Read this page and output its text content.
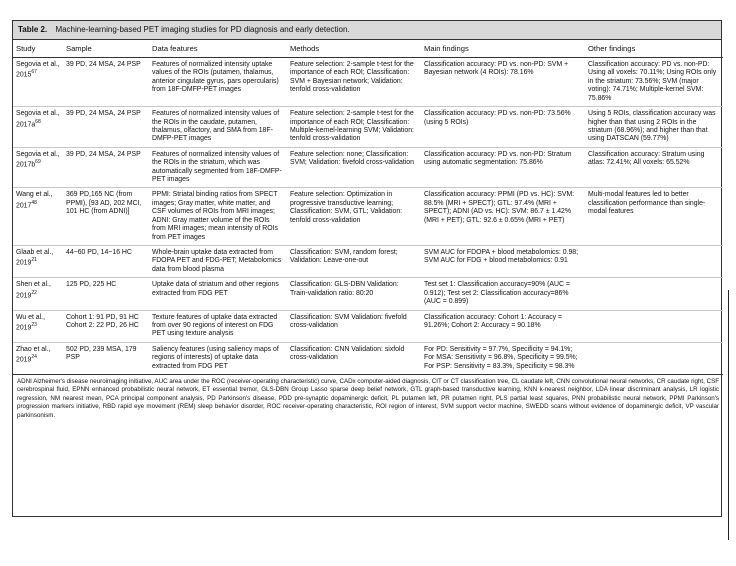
Table 2. Machine-learning-based PET imaging studies for PD diagnosis and early detection.
Study	Sample	Data features	Methods	Main findings	Other findings
Segovia et al., 2015$^{67}$	39 PD, 24 MSA, 24 PSP	Features of normalized intensity uptake values of the ROIs (putamen, thalamus, anterior cingulate gyrus, pars opercularis) from 18F-DMFP-PET images	Feature selection: 2-sample t-test for the importance of each ROI; Classification: SVM + Bayesian network; Validation: tenfold cross-validation	Classification accuracy: PD vs. non-PD: SVM + Bayesian network (4 ROIs): 78.16%	Classification accuracy: PD vs. non-PD: Using all voxels: 70.11%; Using ROIs only in the striatum: 73.56%; SVM (major voting): 74.71%; Multiple-kernel SVM: 75.86%
Segovia et al., $2017a^{68}$	39 PD, 24 MSA, 24 PSP	Features of normalized intensity values of the ROIs in the caudate, putamen, thalamus, olfactory, and SMA from 18F-DMFP-PET images	Feature selection: 2-sample t-test for the importance of each ROI; Classification: Multiple-kernel-learning SVM; Validation: tenfold cross-validation	Classification accuracy: PD vs. non-PD: 73.56% (using 5 ROIs)	Using 5 ROIs, classification accuracy was higher than that using 2 ROIs in the striatum (68.96%); and higher than that using DATSCAN (59.77%)
Segovia et al., $2017b^{69}$	39 PD, 24 MSA, 24 PSP	Features of normalized intensity values of the ROIs in the striatum, which was automatically segmented from 18F-DMFP-PET images	Feature selection: none; Classification: SVM; Validation: fivefold cross-validation	Classification accuracy: PD vs. non-PD: Stratum using automatic segmentation: 75.86%	Classification accuracy: Stratum using atlas: 72.41%; All voxels: 65.52%
Wang et al., 2017$^{48}$	369 PD,165 NC (from PPMI), [93 AD, 202 MCI, 101 HC (from ADNI)]	PPMI: Striatal binding ratios from SPECT images; Gray matter, white matter, and CSF volumes of ROIs from MRI images; ADNI: Gray matter volume of the ROIs from MRI images; mean intensity of ROIs from PET images	Feature selection: Optimization in progressive transductive learning; Classification: SVM, GTL; Validation: tenfold cross-validation	Classification accuracy: PPMI (PD vs. HC): SVM: 88.5% (MRI + SPECT); GTL: 97.4% (MRI + SPECT); ADNI (AD vs. HC): SVM: 86.7 ± 1.42% (MRI + PET); GTL: 92.6 ± 0.65% (MRI + PET)	Multi-modal features led to better classification performance than single-modal features
Glaab et al., 2019$^{21}$	44~60 PD, 14~16 HC	Whole-brain uptake data extracted from FDOPA PET and FDG-PET; Metabolomics data from blood plasma	Classification: SVM, random forest; Validation: Leave-one-out	SVM AUC for FDOPA + blood metabolomics: 0.98; SVM AUC for FDG + blood metabolomics: 0.91	
Shen et al., 2019$^{22}$	125 PD, 225 HC	Uptake data of striatum and other regions extracted from FDG PET	Classification: GLS-DBN Validation: Train-validation ratio: 80:20	Test set 1: Classification accuracy=90% (AUC = 0.912); Test set 2: Classification accuracy=86% (AUC = 0.899)	
Wu et al., 2019$^{23}$	Cohort 1: 91 PD, 91 HC Cohort 2: 22 PD, 26 HC	Texture features of uptake data extracted from over 90 regions of interest on FDG PET using texture analysis	Classification: SVM Validation: fivefold cross-validation	Classification accuracy: Cohort 1: Accuracy = 91.26%; Cohort 2: Accuracy = 90.18%	
Zhao et al., 2019$^{24}$	502 PD, 239 MSA, 179 PSP	Saliency features (using saliency maps of regions of interests) of uptake data extracted from FDG PET	Classification: CNN Validation: sixfold cross-validation	For PD: Sensitivity = 97.7%, Specificity = 94.1%; For MSA: Sensitivity = 96.8%, Specificity = 99.5%; For PSP: Sensitivity = 83.3%, Specificity = 98.3%	
ADNI Alzheimer's disease neuroimaging initiative, AUC area under the ROC (receiver-operating characteristic) curve, CADx computer-aided diagnosis, CIT or CT classification tree, CL caudate left, CNN convolutional neural networks, CR caudate right, CSF cerebrospinal fluid, EPNN enhanced probabilistic neural network, ET essential tremor, GLS-DBN Group Lasso sparse deep belief network, GTL graph-based transductive learning, KNN k-nearest neighbor, LDA linear discriminant analysis, LR logistic regression, NM nearest mean, PCA principal component analysis, PD Parkinson's disease, PDD pre-synaptic dopaminergic deficit, PL putamen left, PR putamen right, PLS partial least squares, PNN probabilistic neural network, PPMI Parkinson's progression markers initiative, RBD rapid eye movement (REM) sleep behavior disorder, ROC receiver-operating characteristic, ROI region of interest, SVM support vector machine, SWEDD scans without evidence of dopaminergic deficit, VP vascular parkinsonism.					
